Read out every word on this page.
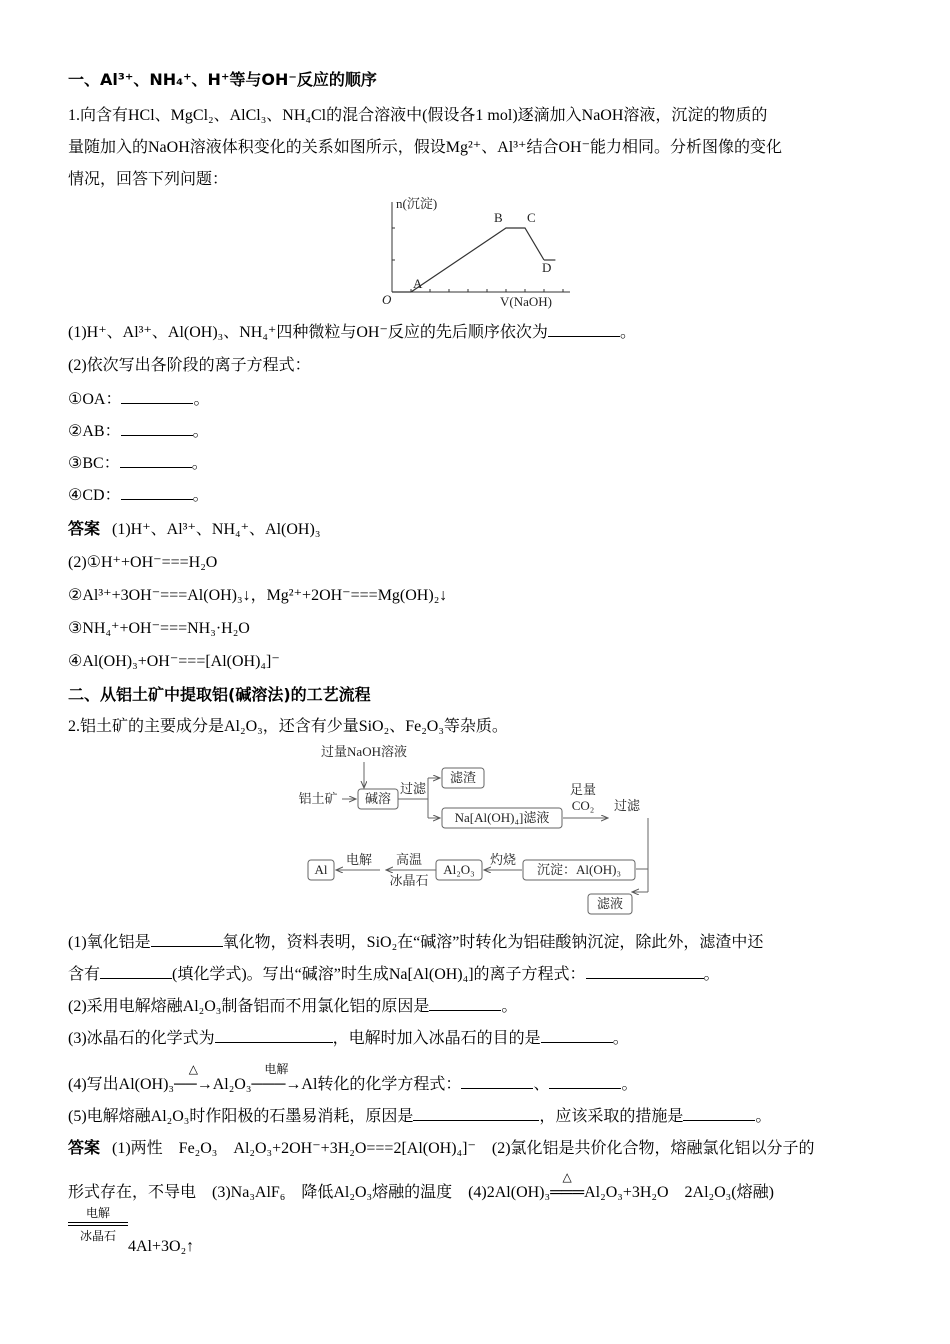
一、Al³⁺、NH₄⁺、H⁺等与OH⁻反应的顺序
1.向含有HCl、MgCl₂、AlCl₃、NH₄Cl的混合溶液中(假设各1 mol)逐滴加入NaOH溶液，沉淀的物质的
量随加入的NaOH溶液体积变化的关系如图所示，假设Mg²⁺、Al³⁺结合OH⁻能力相同。分析图像的变化
情况，回答下列问题：
A
B C
D
O
n(沉淀)
V(NaOH)
(1)H⁺、Al³⁺、Al(OH)₃、NH₄⁺四种微粒与OH⁻反应的先后顺序依次为	。
(2)依次写出各阶段的离子方程式：
①OA：	。
②AB：	。
③BC：	。
④CD：	。
答案 (1)H⁺、Al³⁺、NH₄⁺、Al(OH)₃
(2)①H⁺+OH⁻===H₂O
②Al³⁺+3OH⁻===Al(OH)₃↓，Mg²⁺+2OH⁻===Mg(OH)₂↓
③NH₄⁺+OH⁻===NH₃·H₂O
④Al(OH)₃+OH⁻===[Al(OH)₄]⁻
二、从铝土矿中提取铝(碱溶法)的工艺流程
2.铝土矿的主要成分是Al₂O₃，还含有少量SiO₂、Fe₂O₃等杂质。
过量NaOH溶液
铝土矿 碱溶
过滤
滤渣
Na[Al(OH)₄]滤液
足量
CO₂ 过滤
沉淀：Al(OH)₃
滤液
灼烧
Al₂O₃
高温
冰晶石
电解
Al
(1)氧化铝是	氧化物，资料表明，SiO₂在“碱溶”时转化为铝硅酸钠沉淀，除此外，滤渣中还
含有	(填化学式)。写出“碱溶”时生成Na[Al(OH)₄]的离子方程式：	。
(2)采用电解熔融Al₂O₃制备铝而不用氯化铝的原因是	。
(3)冰晶石的化学式为	，电解时加入冰晶石的目的是	。
(4)写出Al(OH)₃
△
──→Al₂O₃
电解
───→Al转化的化学方程式：	、	。
(5)电解熔融Al₂O₃时作阳极的石墨易消耗，原因是	，应该采取的措施是	。
答案 (1)两性　Fe₂O₃　Al₂O₃+2OH⁻+3H₂O===2[Al(OH)₄]⁻　(2)氯化铝是共价化合物，熔融氯化铝以分子的
形式存在，不导电　(3)Na₃AlF₆　降低Al₂O₃熔融的温度　(4)2Al(OH)₃
△
═══Al₂O₃+3H₂O　2Al₂O₃(熔融)
电解
冰晶石
4Al+3O₂↑
